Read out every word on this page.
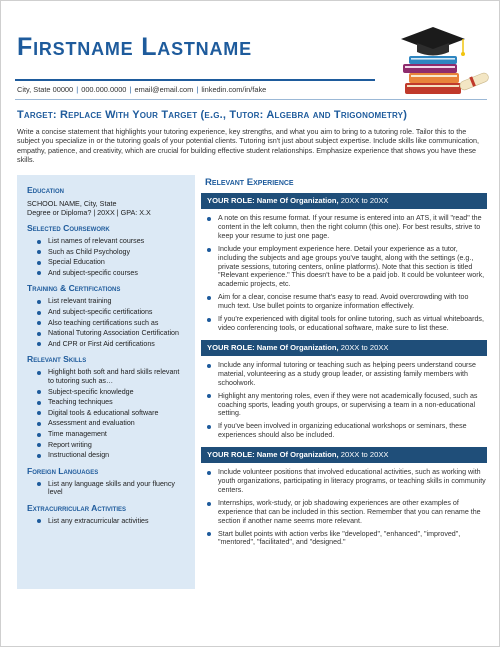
Firstname Lastname
City, State 00000 | 000.000.0000 | email@email.com | linkedin.com/in/fake
Target: Replace With Your Target (e.g., Tutor: Algebra and Trigonometry)

Write a concise statement that highlights your tutoring experience, key strengths, and what you aim to bring to a tutoring role. Tailor this to the subject you specialize in or the tutoring goals of your potential clients. Tutoring isn't just about subject expertise. Include skills like communication, empathy, patience, and creativity, which are crucial for building effective student relationships. Emphasize experience that shows you have these skills.

Education
SCHOOL NAME, City, State
Degree or Diploma? | 20XX | GPA: X.X
Selected Coursework
List names of relevant courses
Such as Child Psychology
Special Education
And subject-specific courses
Training & Certifications
List relevant training
And subject-specific certifications
Also teaching certifications such as
National Tutoring Association Certification
And CPR or First Aid certifications
Relevant Skills
Highlight both soft and hard skills relevant to tutoring such as…
Subject-specific knowledge
Teaching techniques
Digital tools & educational software
Assessment and evaluation
Time management
Report writing
Instructional design
Foreign Languages
List any language skills and your fluency level
Extracurricular Activities
List any extracurricular activities
Relevant Experience
YOUR ROLE: Name Of Organization, 20XX to 20XX
A note on this resume format. If your resume is entered into an ATS, it will "read" the content in the left column, then the right column (this one). For best results, strive to keep your resume to just one page.
Include your employment experience here. Detail your experience as a tutor, including the subjects and age groups you've taught, along with the settings (e.g., private sessions, tutoring centers, online platforms). Note that this section is titled "Relevant experience." This doesn't have to be a paid job. It could be volunteer work, academic projects, etc.
Aim for a clear, concise resume that's easy to read. Avoid overcrowding with too much text. Use bullet points to organize information effectively.
If you're experienced with digital tools for online tutoring, such as virtual whiteboards, video conferencing tools, or educational software, make sure to list these.
YOUR ROLE: Name Of Organization, 20XX to 20XX
Include any informal tutoring or teaching such as helping peers understand course material, volunteering as a study group leader, or assisting family members with schoolwork.
Highlight any mentoring roles, even if they were not academically focused, such as coaching sports, leading youth groups, or supervising a team in a non-educational setting.
If you've been involved in organizing educational workshops or seminars, these experiences should also be included.
YOUR ROLE: Name Of Organization, 20XX to 20XX
Include volunteer positions that involved educational activities, such as working with youth organizations, participating in literacy programs, or teaching skills in community centers.
Internships, work-study, or job shadowing experiences are other examples of experience that can be included in this section. Remember that you can rename the section if another name seems more relevant.
Start bullet points with action verbs like "developed", "enhanced", "improved", "mentored", "facilitated", and "designed."
